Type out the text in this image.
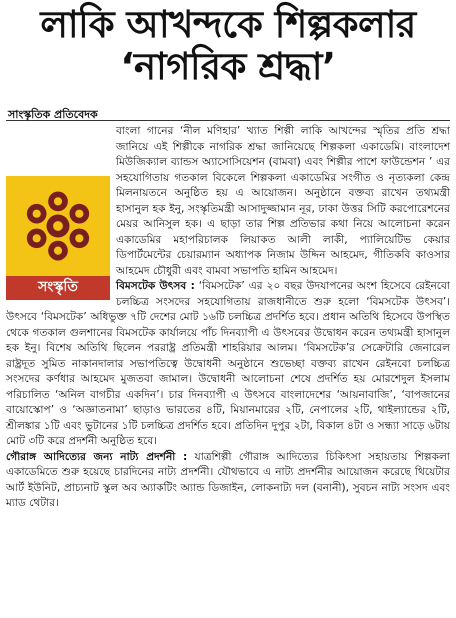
লাকি আখন্দকে শিল্পকলার
‘নাগরিক শ্রদ্ধা’
সাংস্কৃতিক প্রতিবেদক
সংস্কৃতি

বাংলা গানের ‘নীল মণিহার’ খ্যাত শিল্পী লাকি আখন্দের স্মৃতির প্রতি শ্রদ্ধা জানিয়ে এই শিল্পীকে নাগরিক শ্রদ্ধা জানিয়েছে শিল্পকলা একাডেমি। বাংলাদেশ মিউজিক্যাল ব্যান্ডস অ্যাসোসিয়েশন (বামবা) এবং শিল্পীর পাশে ফাউন্ডেশন ’ এর সহযোগিতায় গতকাল বিকেলে শিল্পকলা একাডেমির সংগীত ও নৃত্যকলা কেন্দ্র মিলনায়তনে অনুষ্ঠিত হয় এ আয়োজন। অনুষ্ঠানে বক্তব্য রাখেন তথ্যমন্ত্রী হাসানুল হক ইনু, সংস্কৃতিমন্ত্রী আসাদুজ্জামান নূর, ঢাকা উত্তর সিটি করপোরেশনের মেয়র আনিসুল হক। এ ছাড়া তার শিল্প প্রতিভার কথা নিয়ে আলোচনা করেন একাডেমির মহাপরিচালক লিয়াকত আলী লাকী, প্যালিয়েটিভ কেয়ার ডিপার্টমেন্টের চেয়ারম্যান অধ্যাপক নিজাম উদ্দিন আহমেদ, গীতিকবি কাওসার আহমেদ চৌধুরী এবং বামবা সভাপতি হামিন আহমেদ।

বিমসটেক উৎসব : ‘বিমসটেক’ এর ২০ বছর উদযাপনের অংশ হিসেবে রেইনবো চলচ্চিত্র সংসদের সহযোগিতায় রাজধানীতে শুরু হলো ‘বিমসটেক উৎসব’। উৎসবে ‘বিমসটেক’ অধিভুক্ত ৭টি দেশের মোট ১৬টি চলচ্চিত্র প্রদর্শিত হবে। প্রধান অতিথি হিসেবে উপস্থিত থেকে গতকাল গুলশানের বিমসটেক কার্যালয়ে পাঁচ দিনব্যাপী এ উৎসবের উদ্বোধন করেন তথ্যমন্ত্রী হাসানুল হক ইনু। বিশেষ অতিথি ছিলেন পররাষ্ট্র প্রতিমন্ত্রী শাহরিয়ার আলম। ‘বিমসটেক’র সেক্রেটারি জেনারেল রাষ্ট্রদূত সুমিত নাকানদালার সভাপতিত্বে উদ্বোধনী অনুষ্ঠানে শুভেচ্ছা বক্তব্য রাখেন রেইনবো চলচ্চিত্র সংসদের কর্ণধার আহমেদ মুজতবা জামাল। উদ্বোধনী আলোচনা শেষে প্রদর্শিত হয় মোরশেদুল ইসলাম পরিচালিত ‘অনিল বাগচীর একদিন’। চার দিনব্যাপী এ উৎসবে বাংলাদেশের ‘আয়নাবাজি’, ‘বাপজানের বায়োস্কোপ’ ও ‘অজ্ঞাতনামা’ ছাড়াও ভারতের ৪টি, মিয়ানমারের ২টি, নেপালের ২টি, থাইল্যান্ডের ২টি, শ্রীলঙ্কার ১টি এবং ভুটানের ১টি চলচ্চিত্র প্রদর্শিত হবে। প্রতিদিন দুপুর ২টা, বিকাল ৪টা ও সন্ধ্যা সাড়ে ৬টায় মোট ৩টি করে প্রদর্শনী অনুষ্ঠিত হবে।

গৌরাঙ্গ আদিত্যের জন্য নাট্য প্রদর্শনী : যাত্রশিল্পী গৌরাঙ্গ আদিত্যের চিকিৎসা সহায়তায় শিল্পকলা একাডেমিতে শুরু হয়েছে চারদিনের নাট্য প্রদর্শনী। যৌথভাবে এ নাট্য প্রদর্শনীর আয়োজন করেছে থিয়েটার আর্ট ইউনিট, প্রাচ্যনাট স্কুল অব অ্যাকটিং অ্যান্ড ডিজাইন, লোকনাট্য দল (বনানী), সুবচন নাট্য সংসদ এবং ম্যাড থেটার।
